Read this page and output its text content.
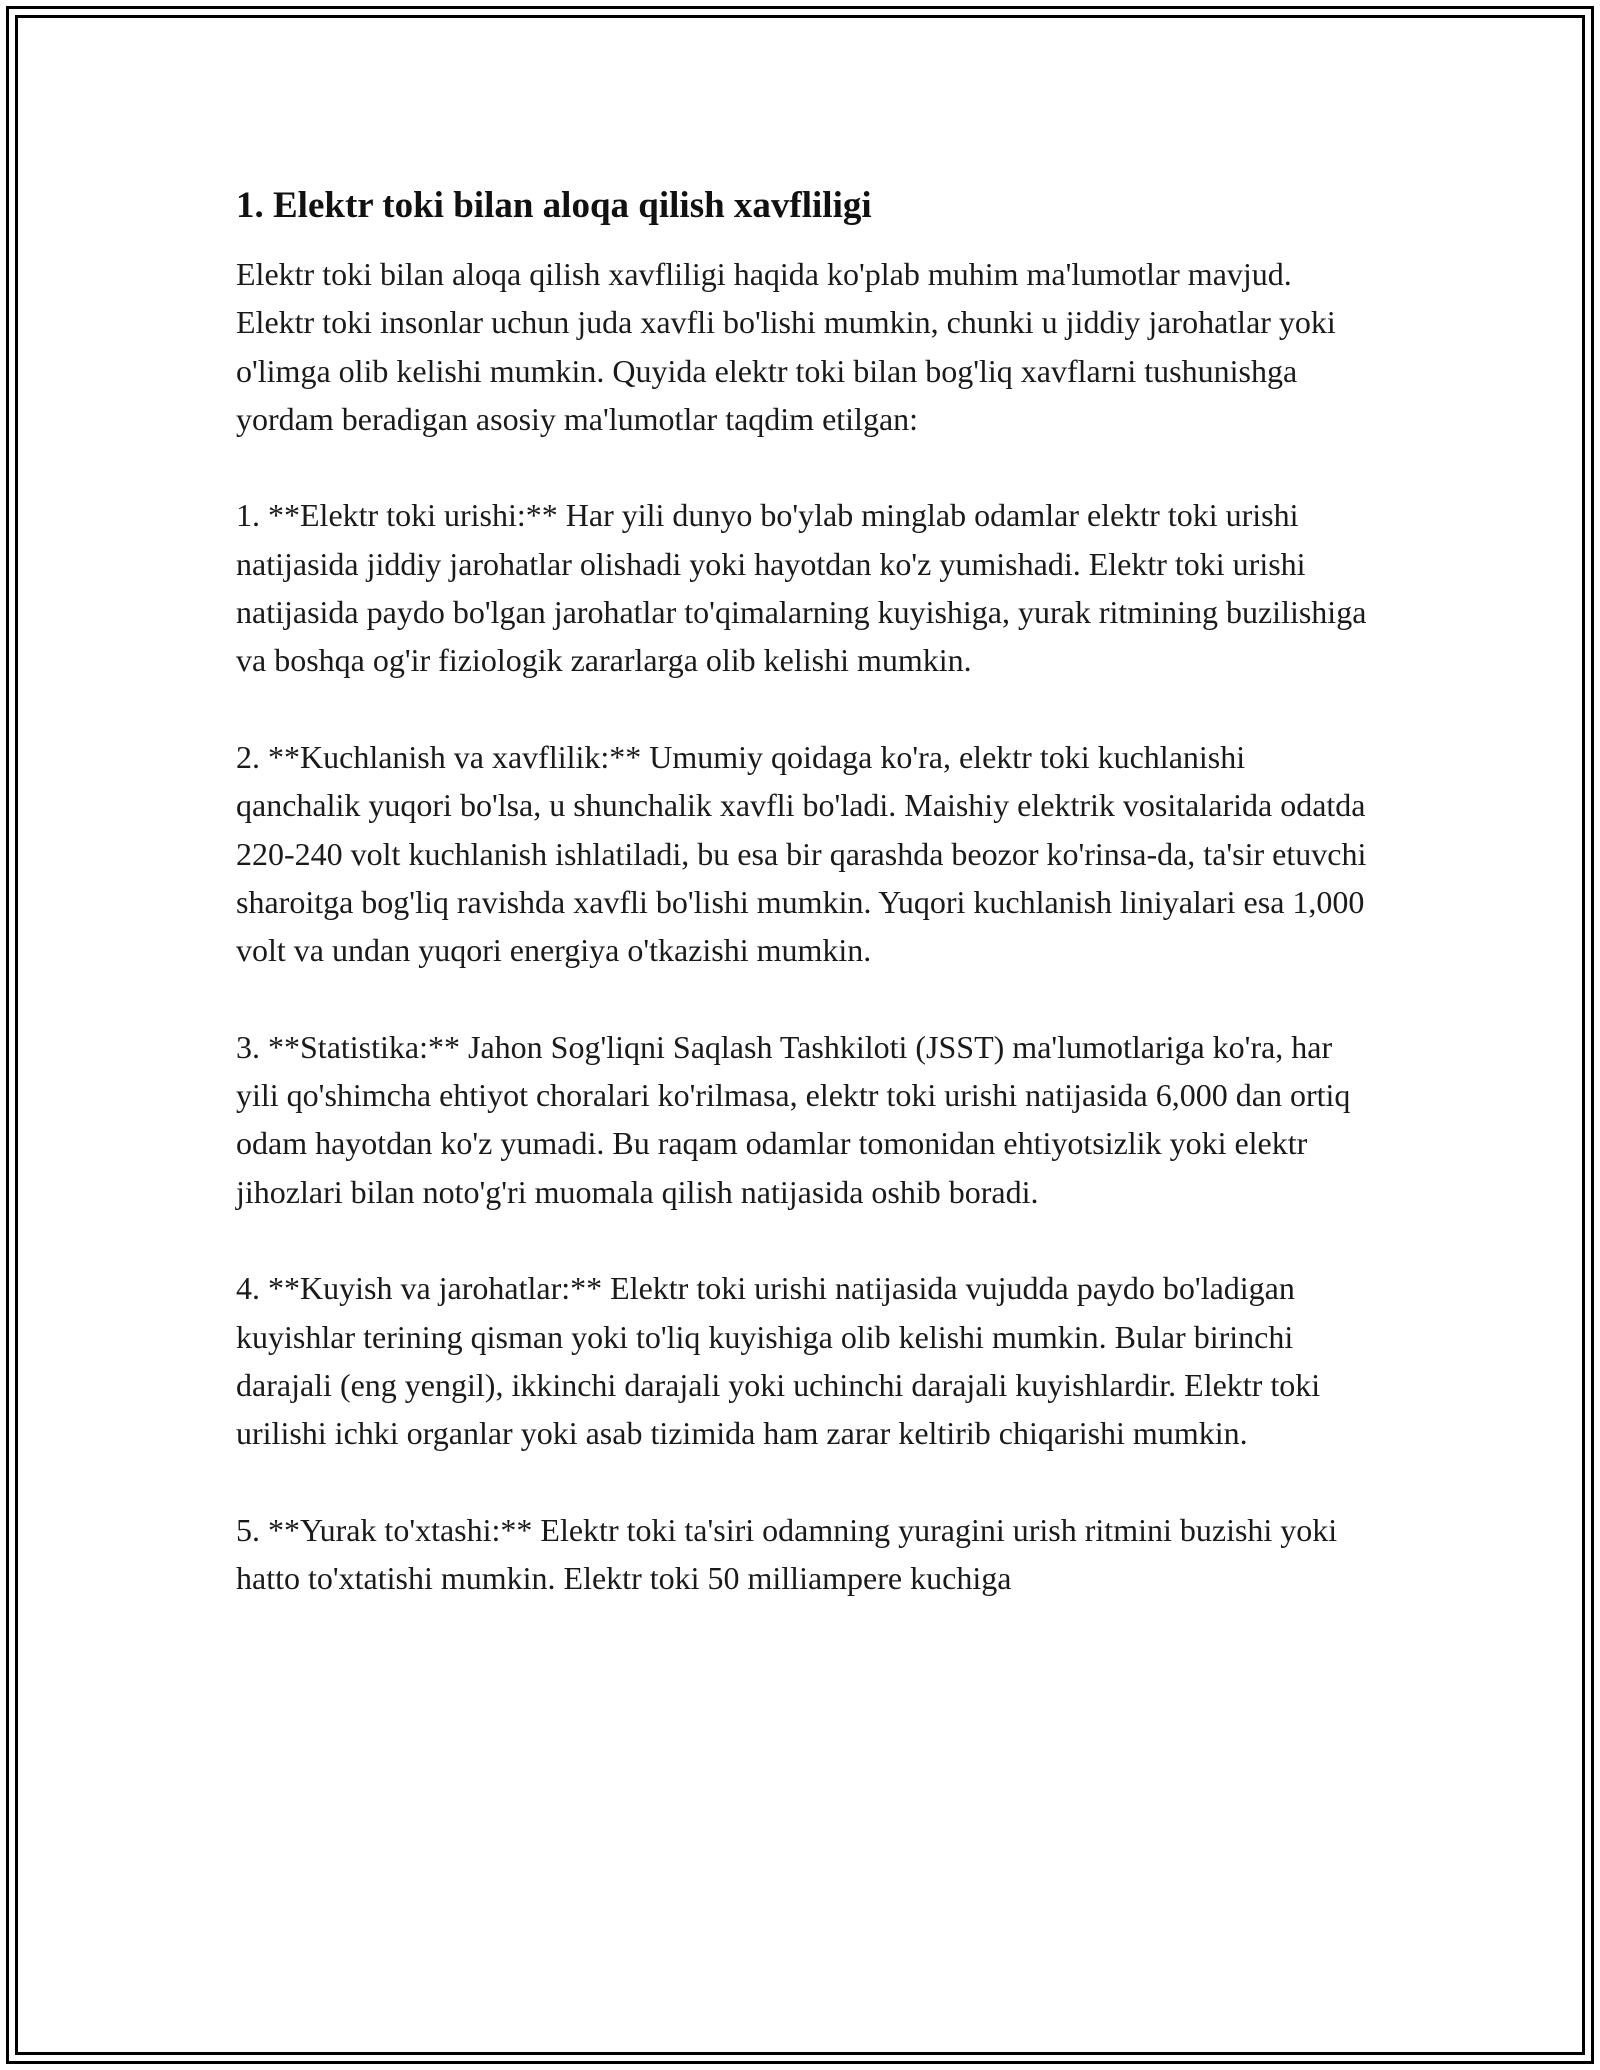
1. Elektr toki bilan aloqa qilish xavfliligi

Elektr toki bilan aloqa qilish xavfliligi haqida ko'plab muhim ma'lumotlar mavjud. Elektr toki insonlar uchun juda xavfli bo'lishi mumkin, chunki u jiddiy jarohatlar yoki o'limga olib kelishi mumkin. Quyida elektr toki bilan bog'liq xavflarni tushunishga yordam beradigan asosiy ma'lumotlar taqdim etilgan:

1. **Elektr toki urishi:** Har yili dunyo bo'ylab minglab odamlar elektr toki urishi natijasida jiddiy jarohatlar olishadi yoki hayotdan ko'z yumishadi. Elektr toki urishi natijasida paydo bo'lgan jarohatlar to'qimalarning kuyishiga, yurak ritmining buzilishiga va boshqa og'ir fiziologik zararlarga olib kelishi mumkin.

2. **Kuchlanish va xavflilik:** Umumiy qoidaga ko'ra, elektr toki kuchlanishi qanchalik yuqori bo'lsa, u shunchalik xavfli bo'ladi. Maishiy elektrik vositalarida odatda 220-240 volt kuchlanish ishlatiladi, bu esa bir qarashda beozor ko'rinsa-da, ta'sir etuvchi sharoitga bog'liq ravishda xavfli bo'lishi mumkin. Yuqori kuchlanish liniyalari esa 1,000 volt va undan yuqori energiya o'tkazishi mumkin.

3. **Statistika:** Jahon Sog'liqni Saqlash Tashkiloti (JSST) ma'lumotlariga ko'ra, har yili qo'shimcha ehtiyot choralari ko'rilmasa, elektr toki urishi natijasida 6,000 dan ortiq odam hayotdan ko'z yumadi. Bu raqam odamlar tomonidan ehtiyotsizlik yoki elektr jihozlari bilan noto'g'ri muomala qilish natijasida oshib boradi.

4. **Kuyish va jarohatlar:** Elektr toki urishi natijasida vujudda paydo bo'ladigan kuyishlar terining qisman yoki to'liq kuyishiga olib kelishi mumkin. Bular birinchi darajali (eng yengil), ikkinchi darajali yoki uchinchi darajali kuyishlardir. Elektr toki urilishi ichki organlar yoki asab tizimida ham zarar keltirib chiqarishi mumkin.

5. **Yurak to'xtashi:** Elektr toki ta'siri odamning yuragini urish ritmini buzishi yoki hatto to'xtatishi mumkin. Elektr toki 50 milliampere kuchiga
